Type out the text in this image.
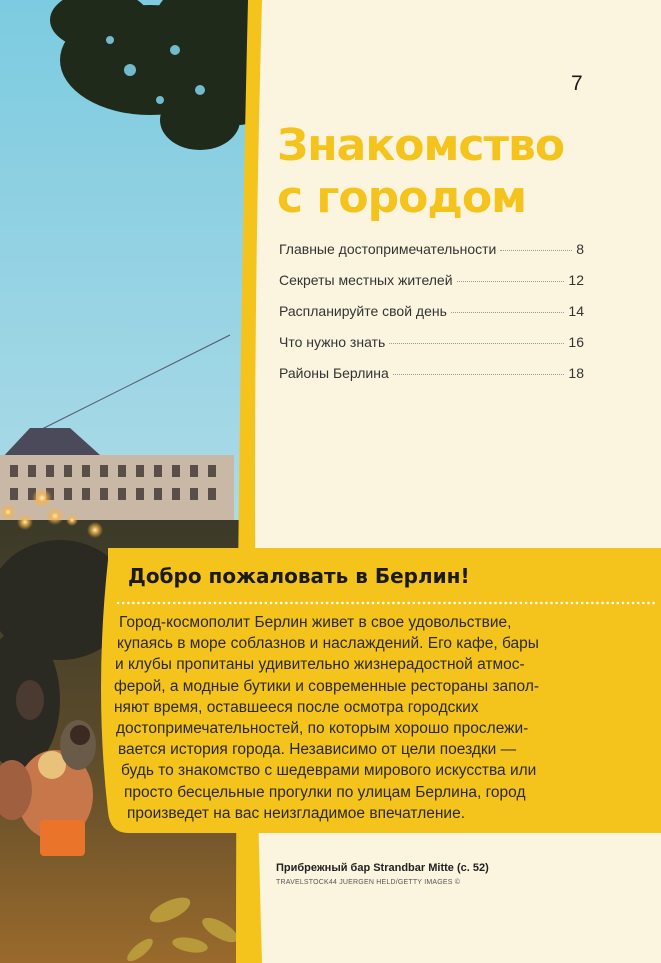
7
Знакомство
с городом
Главные достопримечательности	8
Секреты местных жителей	12
Распланируйте свой день	14
Что нужно знать	16
Районы Берлина	18
Добро пожаловать в Берлин!

Город-космополит Берлин живет в свое удовольствие,
купаясь в море соблазнов и наслаждений. Его кафе, бары
и клубы пропитаны удивительно жизнерадостной атмос-
ферой, а модные бутики и современные рестораны запол-
няют время, оставшееся после осмотра городских
достопримечательностей, по которым хорошо прослежи-
вается история города. Независимо от цели поездки —
будь то знакомство с шедеврами мирового искусства или
просто бесцельные прогулки по улицам Берлина, город
произведет на вас неизгладимое впечатление.

Прибрежный бар Strandbar Mitte (с. 52)

TRAVELSTOCK44 JUERGEN HELD/GETTY IMAGES ©
